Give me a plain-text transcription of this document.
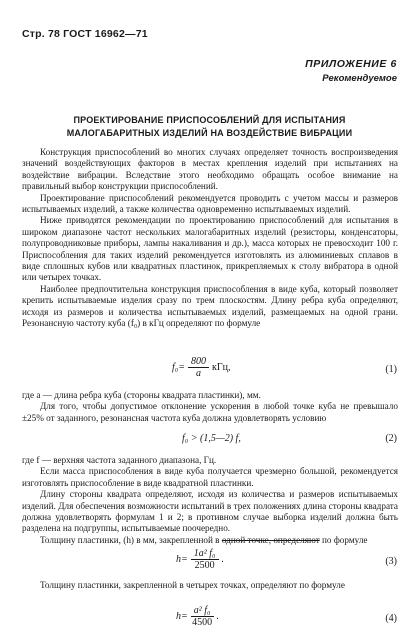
Стр. 78 ГОСТ 16962—71
ПРИЛОЖЕНИЕ 6
Рекомендуемое
ПРОЕКТИРОВАНИЕ ПРИСПОСОБЛЕНИЙ ДЛЯ ИСПЫТАНИЯ
МАЛОГАБАРИТНЫХ ИЗДЕЛИЙ НА ВОЗДЕЙСТВИЕ ВИБРАЦИИ

Конструкция приспособлений во многих случаях определяет точность воспроизведения значений воздействующих факторов в местах крепления изделий при испытаниях на воздействие вибрации. Вследствие этого необходимо обращать особое внимание на правильный выбор конструкции приспособлений.

Проектирование приспособлений рекомендуется проводить с учетом массы и размеров испытываемых изделий, а также количества одновременно испытываемых изделий.

Ниже приводятся рекомендации по проектированию приспособлений для испытания в широком диапазоне частот нескольких малогабаритных изделий (резисторы, конденсаторы, полупроводниковые приборы, лампы накаливания и др.), масса которых не превосходит 100 г. Приспособления для таких изделий рекомендуется изготовлять из алюминиевых сплавов в виде сплошных кубов или квадратных пластинок, прикрепляемых к столу вибратора в одной или четырех точках.

Наиболее предпочтительна конструкция приспособления в виде куба, который позволяет крепить испытываемые изделия сразу по трем плоскостям. Длину ребра куба определяют, исходя из размеров и количества испытываемых изделий, размещаемых на одной грани. Резонансную частоту куба (f₀) в кГц определяют по формуле

$f_0= \frac{800}{a}$ кГц,	(1)

где a — длина ребра куба (стороны квадрата пластинки), мм.

Для того, чтобы допустимое отклонение ускорения в любой точке куба не превышало ±25% от заданного, резонансная частота куба должна удовлетворять условию

f₀ > (1,5—2) f,	(2)

где f — верхняя частота заданного диапазона, Гц.

Если масса приспособления в виде куба получается чрезмерно большой, рекомендуется изготовлять приспособление в виде квадратной пластинки.

Длину стороны квадрата определяют, исходя из количества и размеров испытываемых изделий. Для обеспечения возможности испытаний в трех положениях длина стороны квадрата должна удовлетворять формулам 1 и 2; в противном случае выборка изделий должна быть разделена на подгруппы, испытываемые поочередно.

Толщину пластинки, (h) в мм, закрепленной в одной точке, определяют по формуле

$h= \frac{\text{1a² f₀}}{2500}$ .	(3)

Толщину пластинки, закрепленной в четырех точках, определяют по формуле

$h= \frac{\text{a² f₀}}{4500}$ .	(4)
